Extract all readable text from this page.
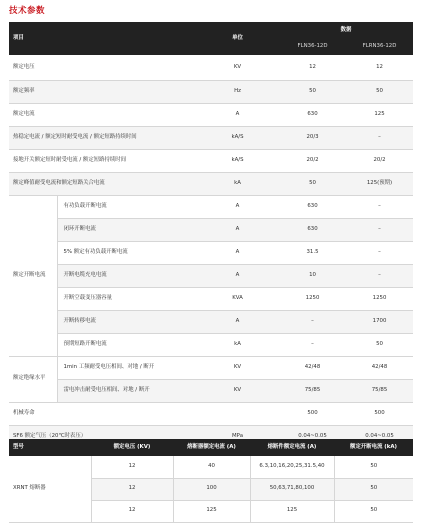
技术参数
项目		单位	数据	
			FLN36-12D	FLRN36-12D
额定电压		KV	12	12
额定频率		Hz	50	50
额定电流		A	630	125
热稳定电流 / 额定短时耐受电流 / 额定短路持续时间		kA/S	20/3	–
接地开关额定短时耐受电流 / 额定短路持续时间		kA/S	20/2	20/2
额定峰值耐受电流和额定短路关合电流		kA	50	125(预期)
额定开断电流	有功负载开断电流	A	630	–
	闭环开断电流	A	630	–
	5% 额定有功负载开断电流	A	31.5	–
	开断电缆充电电流	A	10	–
	开断空载变压器容量	KVA	1250	1250
	开断转移电流	A	–	1700
	预期短路开断电流	kA	–	50
额定绝缘水平	1min 工频耐受电压相间、对地 / 断开	KV	42/48	42/48
	雷电冲击耐受电压相间、对地 / 断开	KV	75/85	75/85
机械寿命			500	500
SF6 额定气压（20℃时表压）		MPa	0.04~0.05	0.04~0.05
型号	额定电压 (KV)	熔断器额定电流 (A)	熔断件额定电流 (A)	额定开断电流 (kA)
XRNT 熔断器	12	40	6.3,10,16,20,25,31.5,40	50
	12	100	50,63,71,80,100	50
	12	125	125	50
